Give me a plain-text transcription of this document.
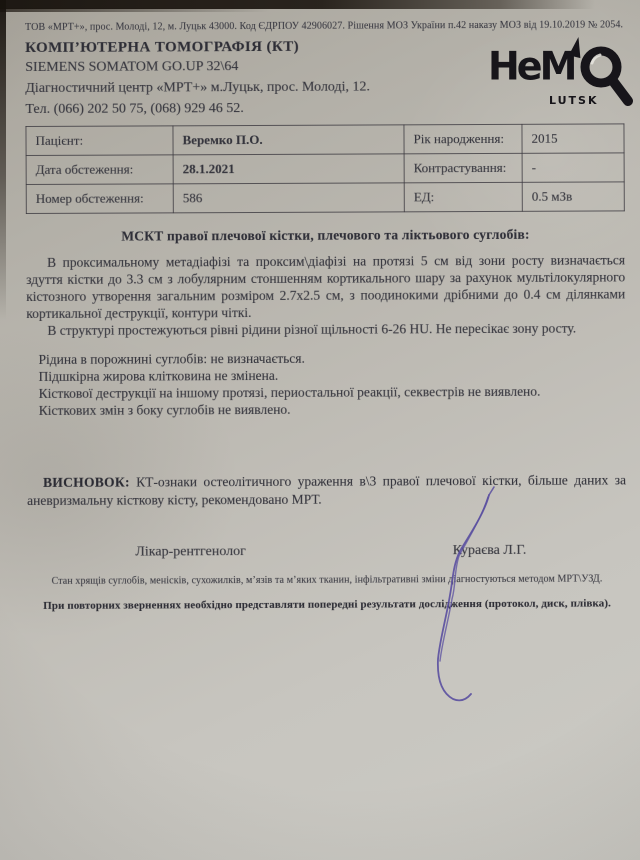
НеМ
LUTSK
ТОВ «МРТ+», прос. Молоді, 12, м. Луцьк 43000. Код ЄДРПОУ 42906027. Рішення МОЗ України п.42 наказу МОЗ від 19.10.2019 № 2054.
КОМП’ЮТЕРНА ТОМОГРАФІЯ (КТ)
SIEMENS SOMATOM GO.UP 32\64
Діагностичний центр «МРТ+» м.Луцьк, прос. Молоді, 12.
Тел. (066) 202 50 75, (068) 929 46 52.
Пацієнт:	Веремко П.О.	Рік народження:	2015
Дата обстеження:	28.1.2021	Контрастування:	-
Номер обстеження:	586	ЕД:	0.5 мЗв
МСКТ правої плечової кістки, плечового та ліктьового суглобів:
В проксимальному метадіафізі та проксим\діафізі на протязі 5 см від зони росту визначається здуття кістки до 3.3 см з лобулярним стоншенням кортикального шару за рахунок мультілокулярного кістозного утворення загальним розміром 2.7х2.5 см, з поодинокими дрібними до 0.4 см ділянками кортикальної деструкції, контури чіткі.
В структурі простежуються рівні рідини різної щільності 6-26 HU. Не пересікає зону росту.
Рідина в порожнині суглобів: не визначається.
Підшкірна жирова клітковина не змінена.
Кісткової деструкції на іншому протязі, периостальної реакції, секвестрів не виявлено.
Кісткових змін з боку суглобів не виявлено.
ВИСНОВОК: КТ-ознаки остеолітичного ураження в\3 правої плечової кістки, більше даних за аневризмальну кісткову кісту, рекомендовано МРТ.
Лікар-рентгенолог	Кураєва Л.Г.
Стан хрящів суглобів, менісків, сухожилків, м’язів та м’яких тканин, інфільтративні зміни діагностуються методом МРТ\УЗД.
При повторних зверненнях необхідно представляти попередні результати дослідження (протокол, диск, плівка).
